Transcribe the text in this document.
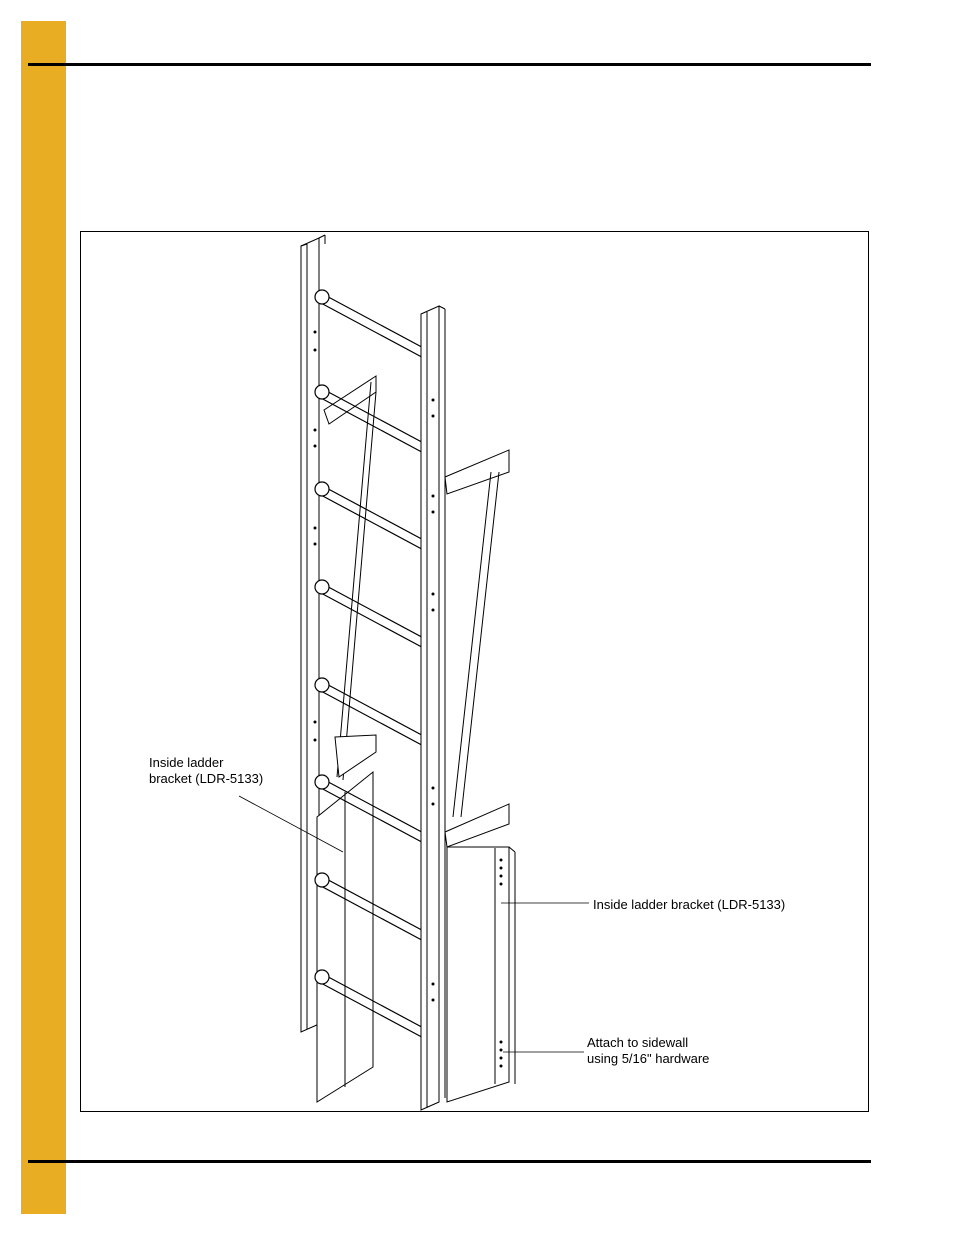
Inside ladder
bracket (LDR-5133)
Inside ladder bracket (LDR-5133)
Attach to sidewall
using 5/16" hardware
